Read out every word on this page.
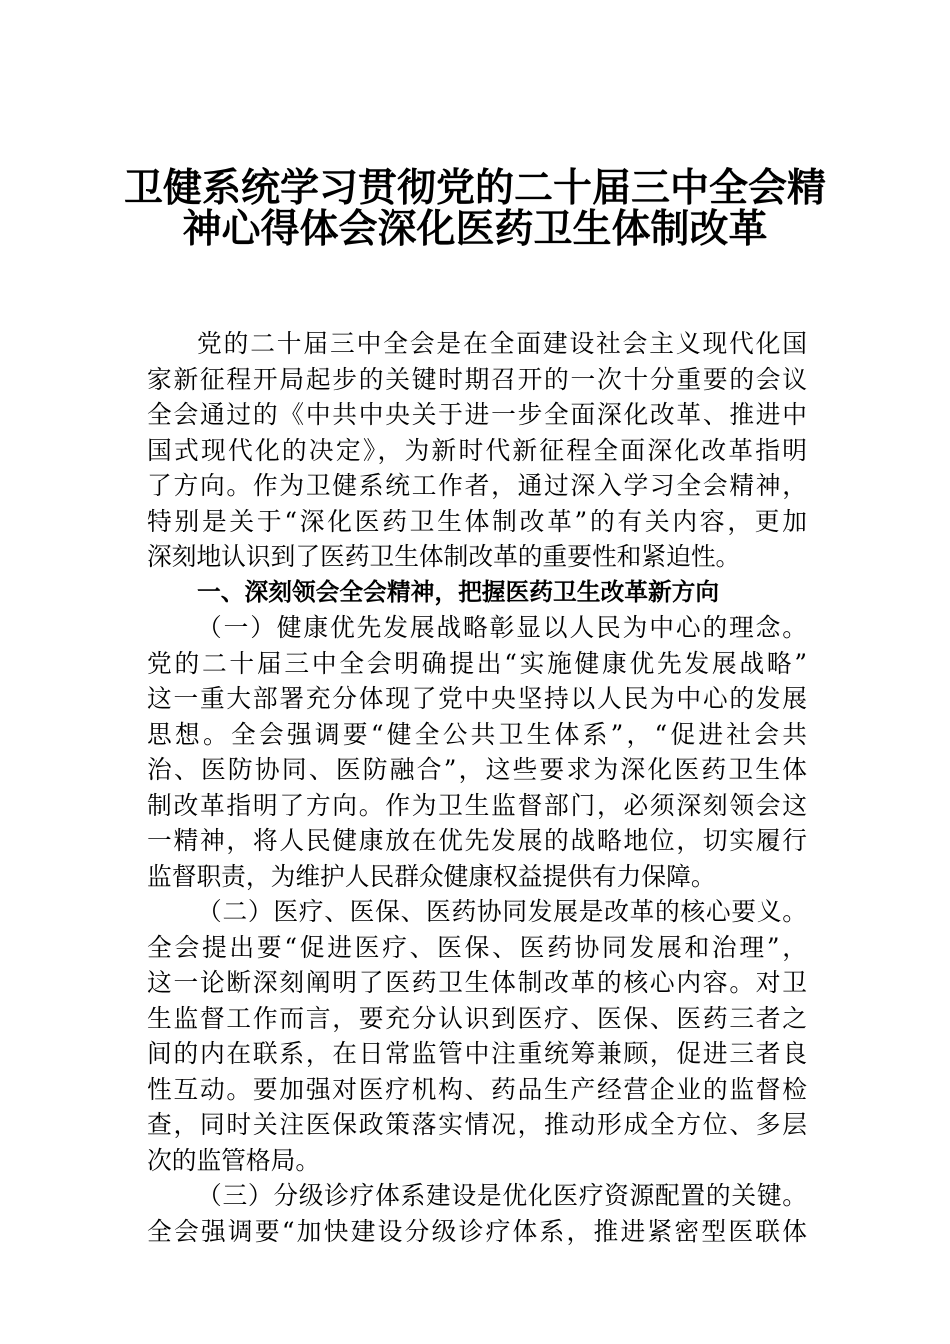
卫健系统学习贯彻党的二十届三中全会精
神心得体会深化医药卫生体制改革
党的二十届三中全会是在全面建设社会主义现代化国
家新征程开局起步的关键时期召开的一次十分重要的会议
全会通过的《中共中央关于进一步全面深化改革、推进中
国式现代化的决定》，为新时代新征程全面深化改革指明
了方向。作为卫健系统工作者，通过深入学习全会精神，
特别是关于“深化医药卫生体制改革”的有关内容，更加
深刻地认识到了医药卫生体制改革的重要性和紧迫性。
一、深刻领会全会精神，把握医药卫生改革新方向
（一）健康优先发展战略彰显以人民为中心的理念。
党的二十届三中全会明确提出“实施健康优先发展战略”
这一重大部署充分体现了党中央坚持以人民为中心的发展
思想。全会强调要“健全公共卫生体系”，“促进社会共
治、医防协同、医防融合”，这些要求为深化医药卫生体
制改革指明了方向。作为卫生监督部门，必须深刻领会这
一精神，将人民健康放在优先发展的战略地位，切实履行
监督职责，为维护人民群众健康权益提供有力保障。
（二）医疗、医保、医药协同发展是改革的核心要义。
全会提出要“促进医疗、医保、医药协同发展和治理”，
这一论断深刻阐明了医药卫生体制改革的核心内容。对卫
生监督工作而言，要充分认识到医疗、医保、医药三者之
间的内在联系，在日常监管中注重统筹兼顾，促进三者良
性互动。要加强对医疗机构、药品生产经营企业的监督检
查，同时关注医保政策落实情况，推动形成全方位、多层
次的监管格局。
（三）分级诊疗体系建设是优化医疗资源配置的关键。
全会强调要“加快建设分级诊疗体系，推进紧密型医联体
